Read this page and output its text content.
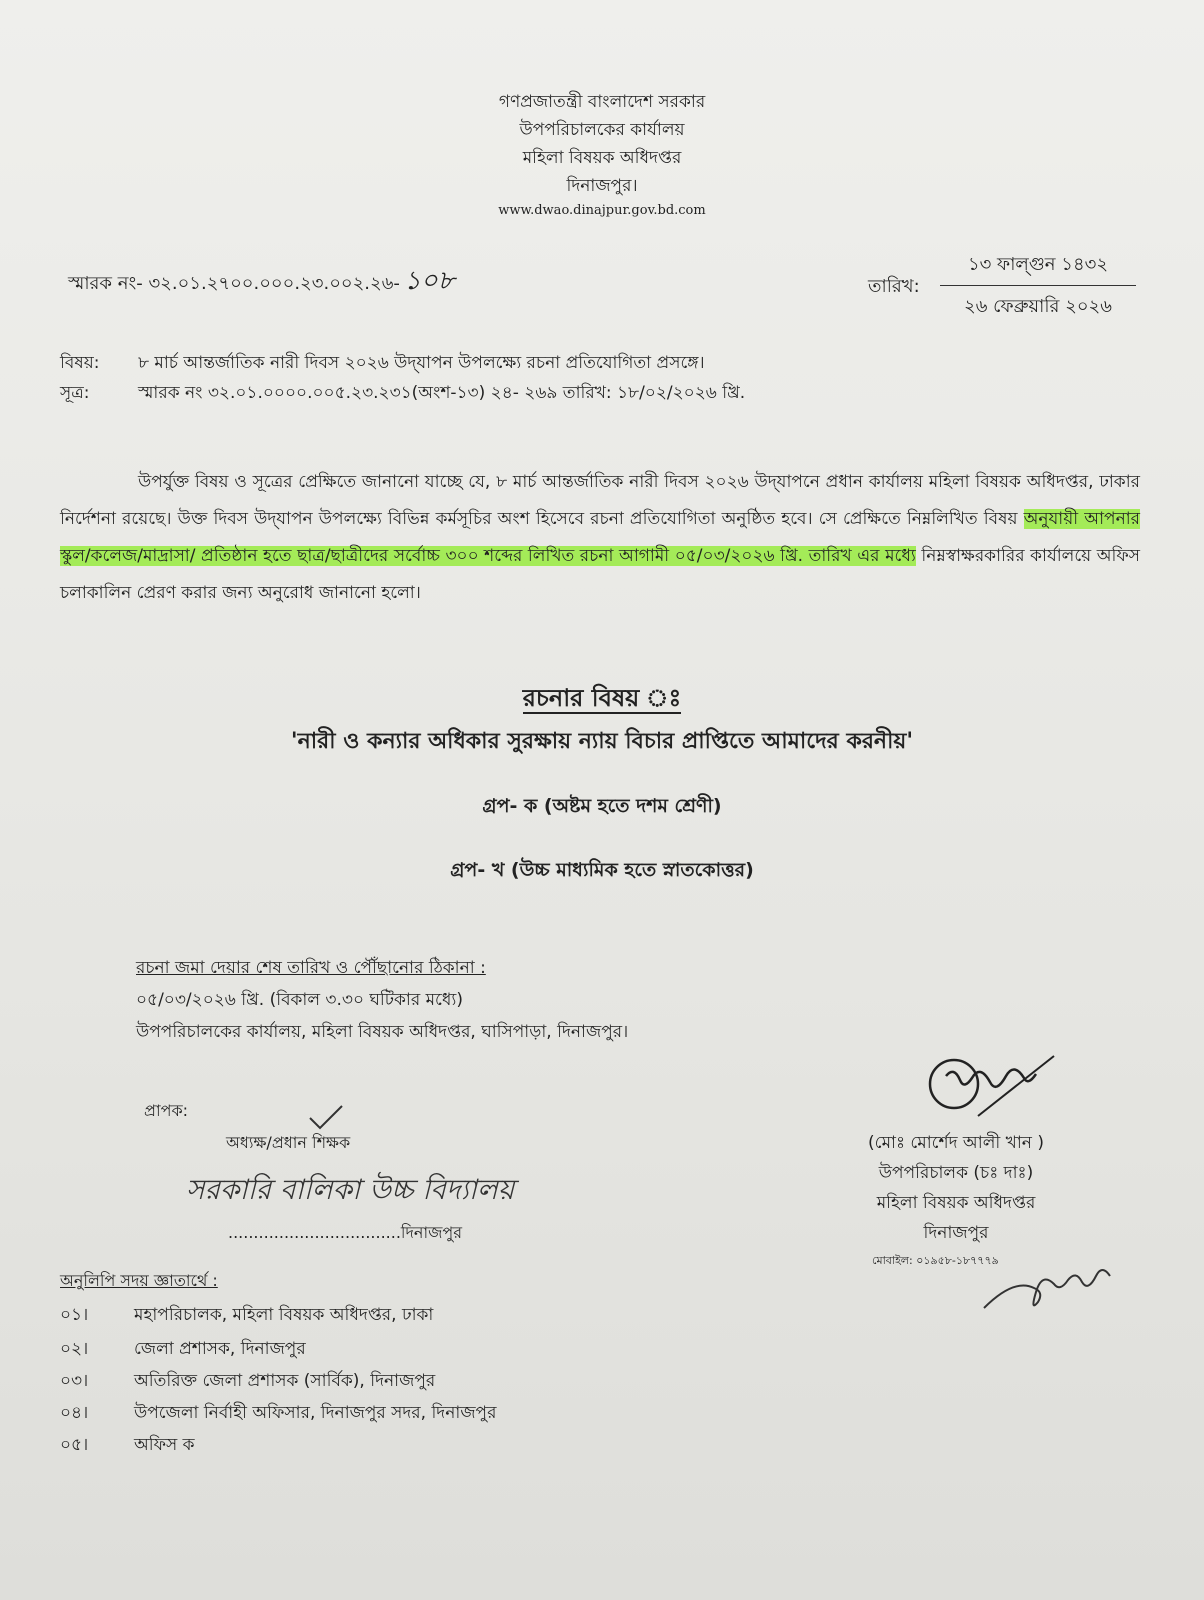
গণপ্রজাতন্ত্রী বাংলাদেশ সরকার
উপপরিচালকের কার্যালয়
মহিলা বিষয়ক অধিদপ্তর
দিনাজপুর।
www.dwao.dinajpur.gov.bd.com
স্মারক নং- ৩২.০১.২৭০০.০০০.২৩.০০২.২৬- ১০৮	তারিখ:
১৩ ফাল্গুন ১৪৩২
২৬ ফেব্রুয়ারি ২০২৬
বিষয়: ৮ মার্চ আন্তর্জাতিক নারী দিবস ২০২৬ উদ্‌যাপন উপলক্ষ্যে রচনা প্রতিযোগিতা প্রসঙ্গে।
সূত্র:	স্মারক নং ৩২.০১.০০০০.০০৫.২৩.২৩১(অংশ-১৩) ২৪- ২৬৯ তারিখ: ১৮/০২/২০২৬ খ্রি.
উপর্যুক্ত বিষয় ও সূত্রের প্রেক্ষিতে জানানো যাচ্ছে যে, ৮ মার্চ আন্তর্জাতিক নারী দিবস ২০২৬ উদ্‌যাপনে প্রধান কার্যালয় মহিলা বিষয়ক অধিদপ্তর, ঢাকার নির্দেশনা রয়েছে। উক্ত দিবস উদ্‌যাপন উপলক্ষ্যে বিভিন্ন কর্মসূচির অংশ হিসেবে রচনা প্রতিযোগিতা অনুষ্ঠিত হবে। সে প্রেক্ষিতে নিম্নলিখিত বিষয় অনুযায়ী আপনার স্কুল/কলেজ/মাদ্রাসা/ প্রতিষ্ঠান হতে ছাত্র/ছাত্রীদের সর্বোচ্চ ৩০০ শব্দের লিখিত রচনা আগামী ০৫/০৩/২০২৬ খ্রি. তারিখ এর মধ্যে নিম্নস্বাক্ষরকারির কার্যালয়ে অফিস চলাকালিন প্রেরণ করার জন্য অনুরোধ জানানো হলো।
রচনার বিষয় ঃ
'নারী ও কন্যার অধিকার সুরক্ষায় ন্যায় বিচার প্রাপ্তিতে আমাদের করনীয়'
গ্রপ- ক (অষ্টম হতে দশম শ্রেণী)
গ্রপ- খ (উচ্চ মাধ্যমিক হতে স্নাতকোত্তর)
রচনা জমা দেয়ার শেষ তারিখ ও পৌঁছানোর ঠিকানা :
০৫/০৩/২০২৬ খ্রি. (বিকাল ৩.৩০ ঘটিকার মধ্যে)
উপপরিচালকের কার্যালয়, মহিলা বিষয়ক অধিদপ্তর, ঘাসিপাড়া, দিনাজপুর।
প্রাপক:
অধ্যক্ষ/প্রধান শিক্ষক
সরকারি বালিকা উচ্চ বিদ্যালয়
..................................দিনাজপুর
(মোঃ মোর্শেদ আলী খান )
উপপরিচালক (চঃ দাঃ)
মহিলা বিষয়ক অধিদপ্তর
দিনাজপুর
মোবাইল: ০১৯৫৮-১৮৭৭৭৯
অনুলিপি সদয় জ্ঞাতার্থে :
০১।	মহাপরিচালক, মহিলা বিষয়ক অধিদপ্তর, ঢাকা
০২।	জেলা প্রশাসক, দিনাজপুর
০৩।	অতিরিক্ত জেলা প্রশাসক (সার্বিক), দিনাজপুর
০৪।	উপজেলা নির্বাহী অফিসার, দিনাজপুর সদর, দিনাজপুর
০৫।	অফিস ক
